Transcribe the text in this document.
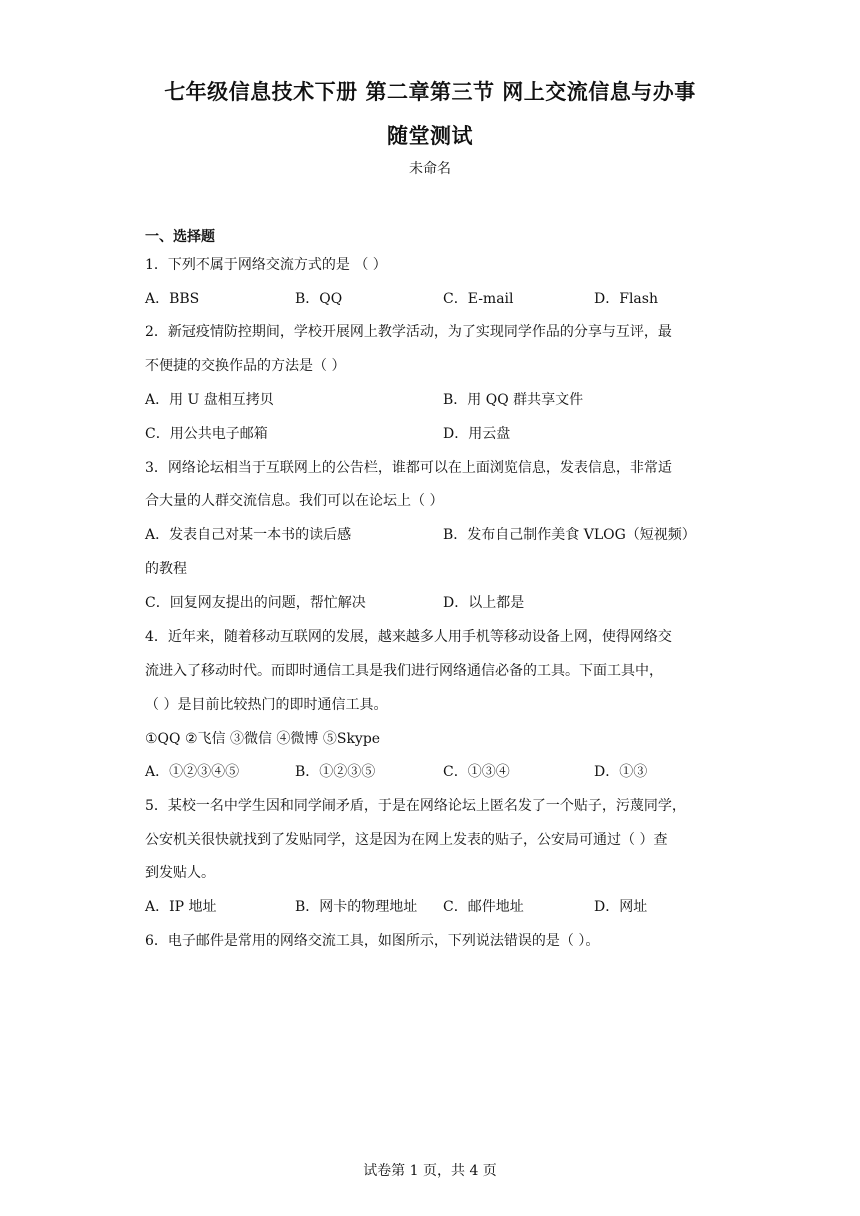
七年级信息技术下册 第二章第三节 网上交流信息与办事
随堂测试
未命名
一、选择题
1．下列不属于网络交流方式的是 （ ）
A．BBS	B．QQ	C．E-mail	D．Flash
2．新冠疫情防控期间，学校开展网上教学活动，为了实现同学作品的分享与互评，最
不便捷的交换作品的方法是（ ）
A．用 U 盘相互拷贝	B．用 QQ 群共享文件
C．用公共电子邮箱	D．用云盘
3．网络论坛相当于互联网上的公告栏，谁都可以在上面浏览信息，发表信息，非常适
合大量的人群交流信息。我们可以在论坛上（ ）
A．发表自己对某一本书的读后感	B．发布自己制作美食 VLOG（短视频）
的教程
C．回复网友提出的问题，帮忙解决	D．以上都是
4．近年来，随着移动互联网的发展，越来越多人用手机等移动设备上网，使得网络交
流进入了移动时代。而即时通信工具是我们进行网络通信必备的工具。下面工具中，
（ ）是目前比较热门的即时通信工具。
①QQ ②飞信 ③微信 ④微博 ⑤Skype
A．①②③④⑤	B．①②③⑤	C．①③④	D．①③
5．某校一名中学生因和同学闹矛盾，于是在网络论坛上匿名发了一个贴子，污蔑同学，
公安机关很快就找到了发贴同学，这是因为在网上发表的贴子，公安局可通过（ ）查
到发贴人。
A．IP 地址	B．网卡的物理地址 C．邮件地址	D．网址
6．电子邮件是常用的网络交流工具，如图所示，下列说法错误的是（ ）。
试卷第 1 页，共 4 页
